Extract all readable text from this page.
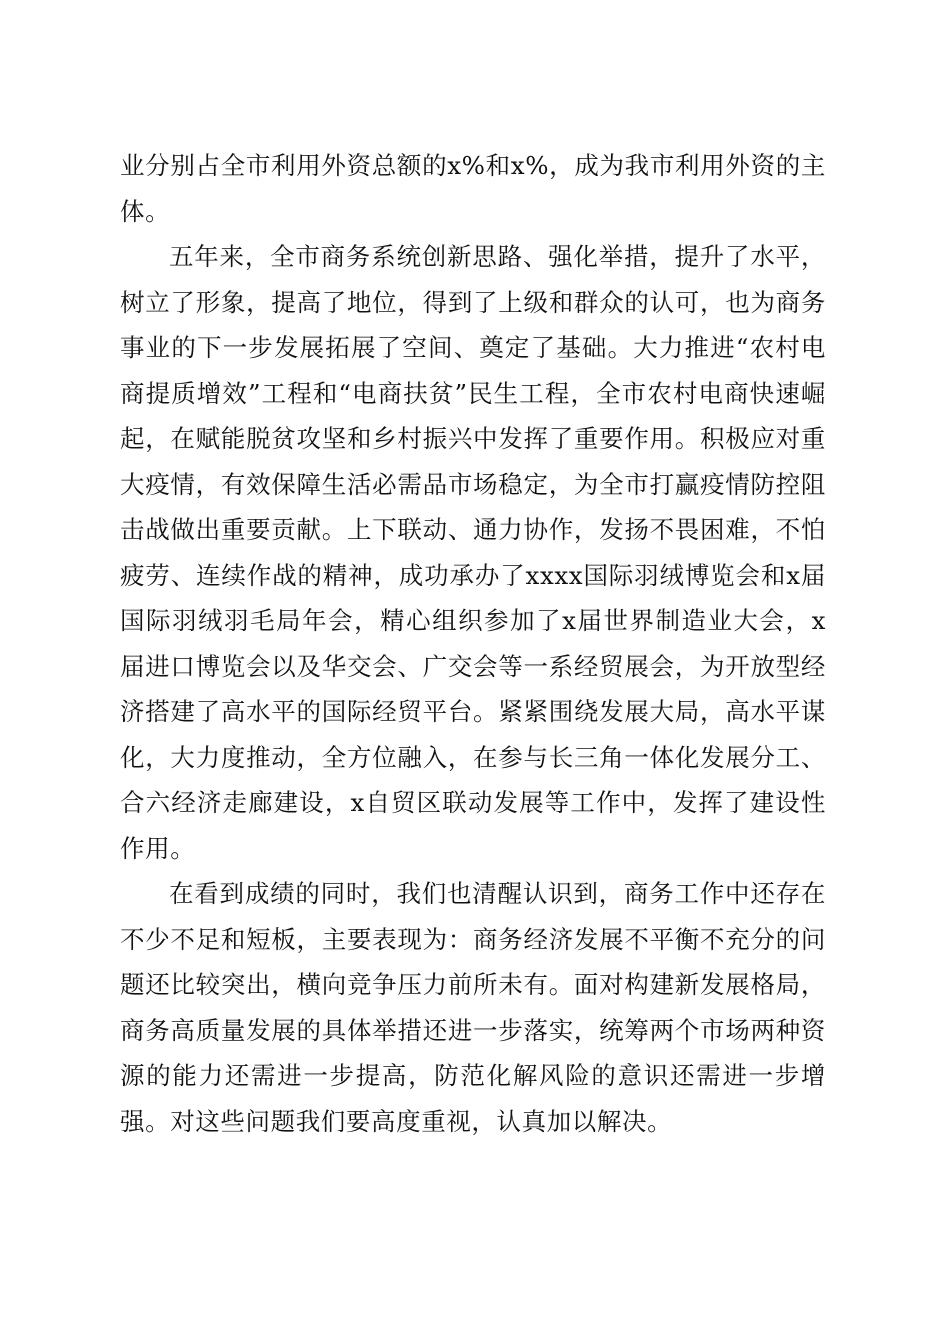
业分别占全市利用外资总额的x%和x%，成为我市利用外资的主体。

五年来，全市商务系统创新思路、强化举措，提升了水平，树立了形象，提高了地位，得到了上级和群众的认可，也为商务事业的下一步发展拓展了空间、奠定了基础。大力推进“农村电商提质增效”工程和“电商扶贫”民生工程，全市农村电商快速崛起，在赋能脱贫攻坚和乡村振兴中发挥了重要作用。积极应对重大疫情，有效保障生活必需品市场稳定，为全市打赢疫情防控阻击战做出重要贡献。上下联动、通力协作，发扬不畏困难，不怕疲劳、连续作战的精神，成功承办了xxxx国际羽绒博览会和x届国际羽绒羽毛局年会，精心组织参加了x届世界制造业大会，x届进口博览会以及华交会、广交会等一系经贸展会，为开放型经济搭建了高水平的国际经贸平台。紧紧围绕发展大局，高水平谋化，大力度推动，全方位融入，在参与长三角一体化发展分工、合六经济走廊建设，x自贸区联动发展等工作中，发挥了建设性作用。

在看到成绩的同时，我们也清醒认识到，商务工作中还存在不少不足和短板，主要表现为：商务经济发展不平衡不充分的问题还比较突出，横向竞争压力前所未有。面对构建新发展格局，商务高质量发展的具体举措还进一步落实，统筹两个市场两种资源的能力还需进一步提高，防范化解风险的意识还需进一步增强。对这些问题我们要高度重视，认真加以解决。
